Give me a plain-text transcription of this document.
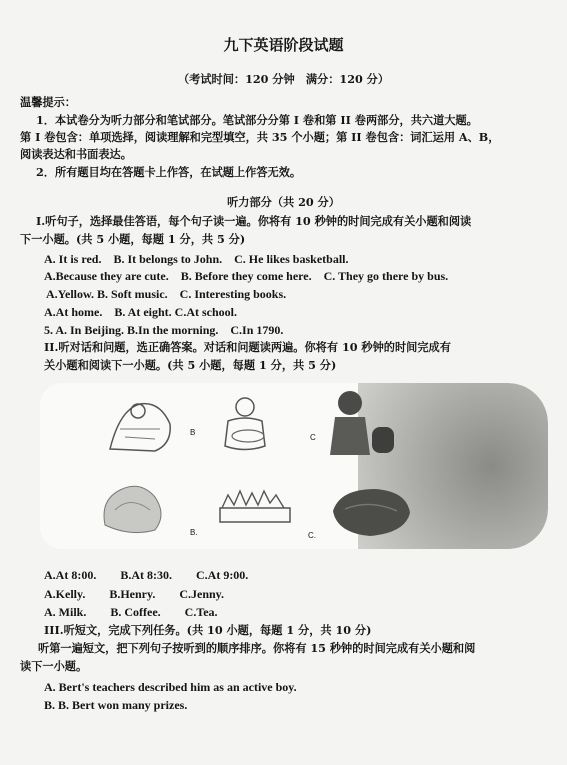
九下英语阶段试题
（考试时间：120 分钟　满分：120 分）
温馨提示：
1．本试卷分为听力部分和笔试部分。笔试部分分第 I 卷和第 II 卷两部分，共六道大题。
第 I 卷包含：单项选择，阅读理解和完型填空，共 35 个小题；第 II 卷包含：词汇运用 A、B，
阅读表达和书面表达。
2．所有题目均在答题卡上作答，在试题上作答无效。
听力部分（共 20 分）
I.听句子，选择最佳答语，每个句子读一遍。你将有 10 秒钟的时间完成有关小题和阅读
下一小题。(共 5 小题，每题 1 分，共 5 分)
A. It is red.　B. It belongs to John.　C. He likes basketball.
A.Because they are cute.　B. Before they come here.　C. They go there by bus.
A.Yellow. B. Soft music.　C. Interesting books.
A.At home.　B. At eight. C.At school.
5. A. In Beijing. B.In the morning.　C.In 1790.
II.听对话和问题，选正确答案。对话和问题读两遍。你将有 10 秒钟的时间完成有
关小题和阅读下一小题。(共 5 小题，每题 1 分，共 5 分)
B
C
B.	C.
A.At 8:00.　　B.At 8:30.　　C.At 9:00.
A.Kelly.　　B.Henry.　　C.Jenny.
A. Milk.　　B. Coffee.　　C.Tea.
III.听短文，完成下列任务。(共 10 小题，每题 1 分，共 10 分)
听第一遍短文，把下列句子按听到的顺序排序。你将有 15 秒钟的时间完成有关小题和阅
读下一小题。
A. Bert's teachers described him as an active boy.
B. B. Bert won many prizes.
